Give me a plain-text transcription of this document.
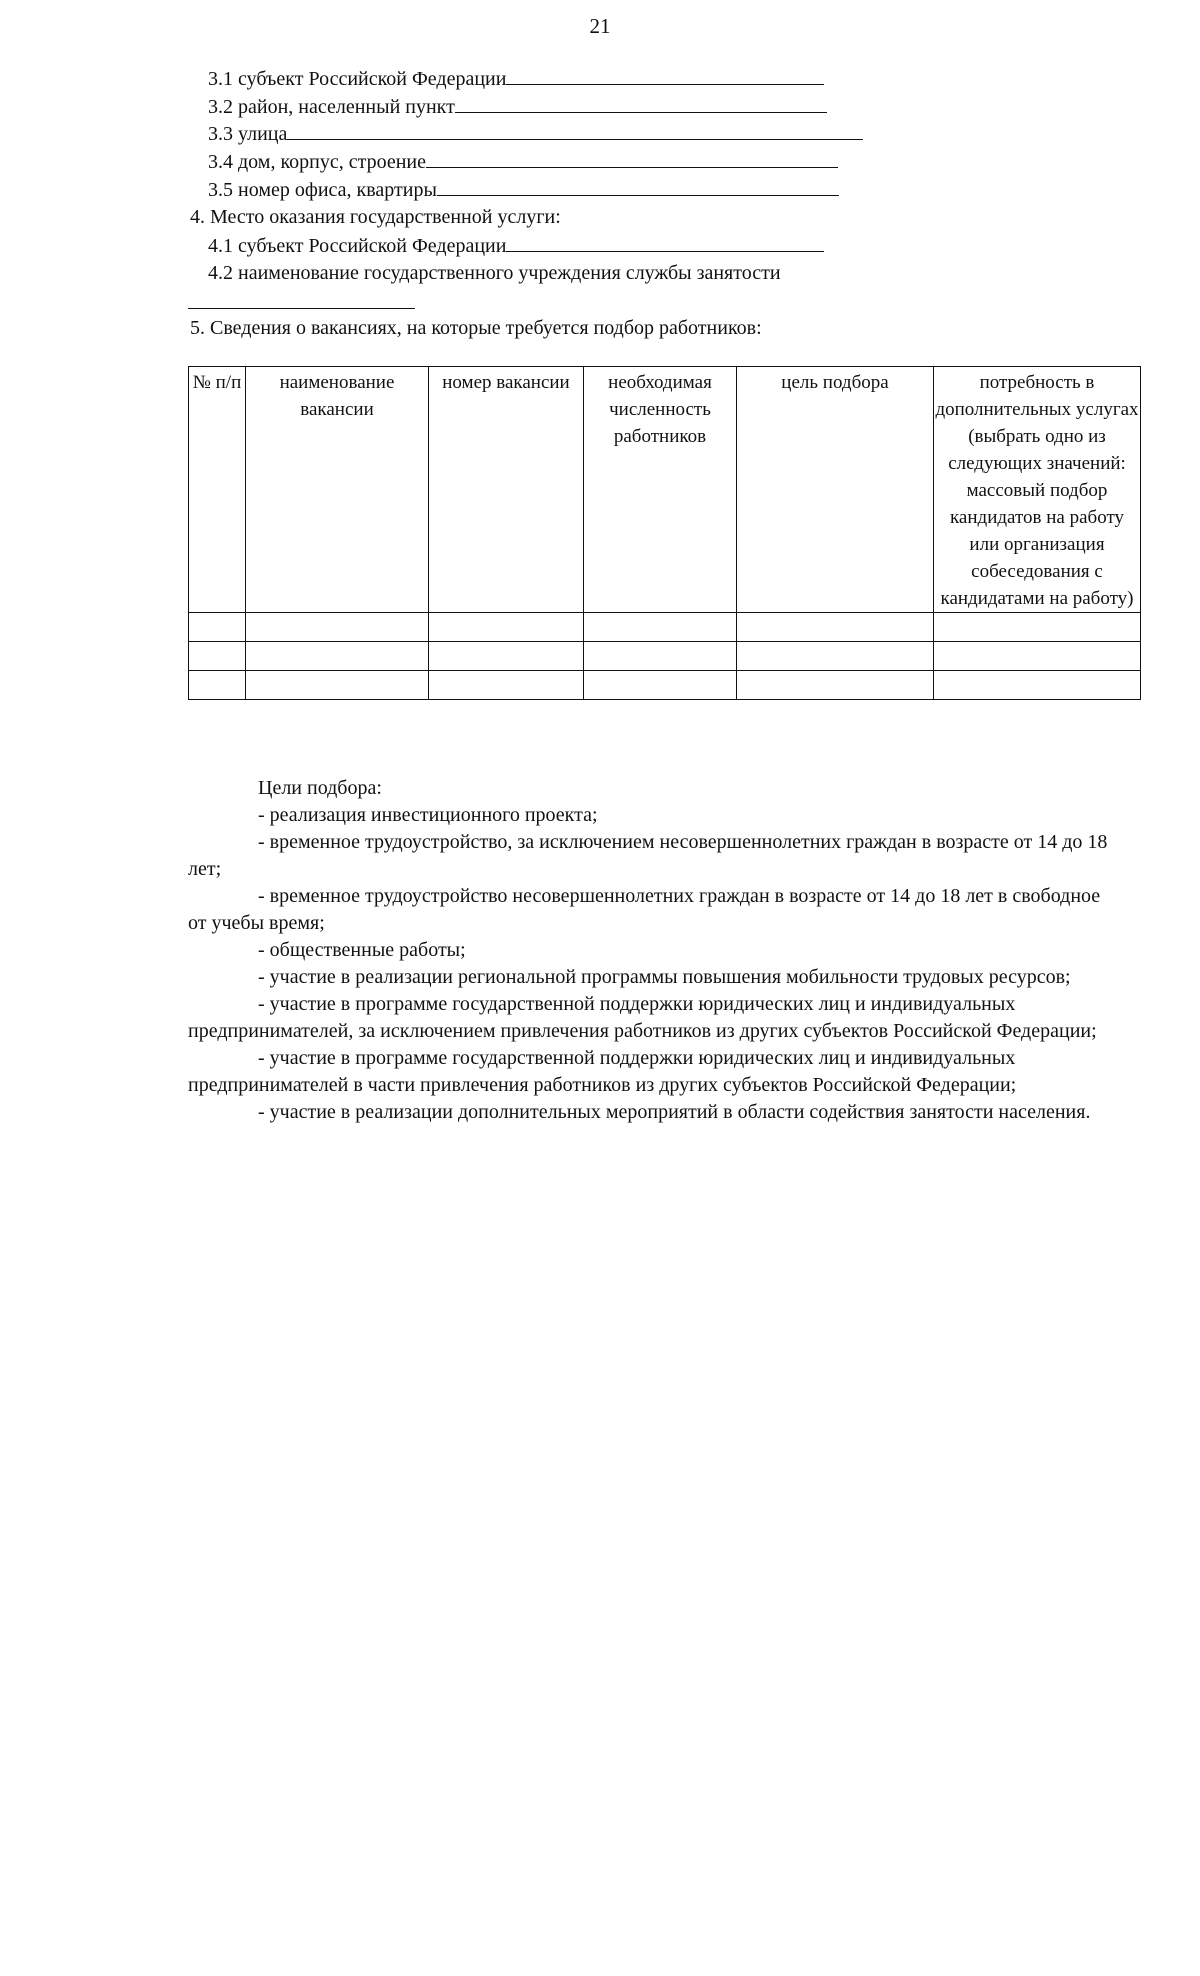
21
3.1 субъект Российской Федерации
3.2 район, населенный пункт
3.3 улица
3.4 дом, корпус, строение
3.5 номер офиса, квартиры
4. Место оказания государственной услуги:
4.1 субъект Российской Федерации
4.2 наименование государственного учреждения службы занятости
5. Сведения о вакансиях, на которые требуется подбор работников:
№ п/п	наименование вакансии	номер вакансии	необходимая численность работников	цель подбора	потребность в дополнительных услугах (выбрать одно из следующих значений: массовый подбор кандидатов на работу или организация собеседования с кандидатами на работу)

Цели подбора:

- реализация инвестиционного проекта;

- временное трудоустройство, за исключением несовершеннолетних граждан в возрасте от 14 до 18 лет;

- временное трудоустройство несовершеннолетних граждан в возрасте от 14 до 18 лет в свободное от учебы время;

- общественные работы;

- участие в реализации региональной программы повышения мобильности трудовых ресурсов;

- участие в программе государственной поддержки юридических лиц и индивидуальных предпринимателей, за исключением привлечения работников из других субъектов Российской Федерации;

- участие в программе государственной поддержки юридических лиц и индивидуальных предпринимателей в части привлечения работников из других субъектов Российской Федерации;

- участие в реализации дополнительных мероприятий в области содействия занятости населения.
